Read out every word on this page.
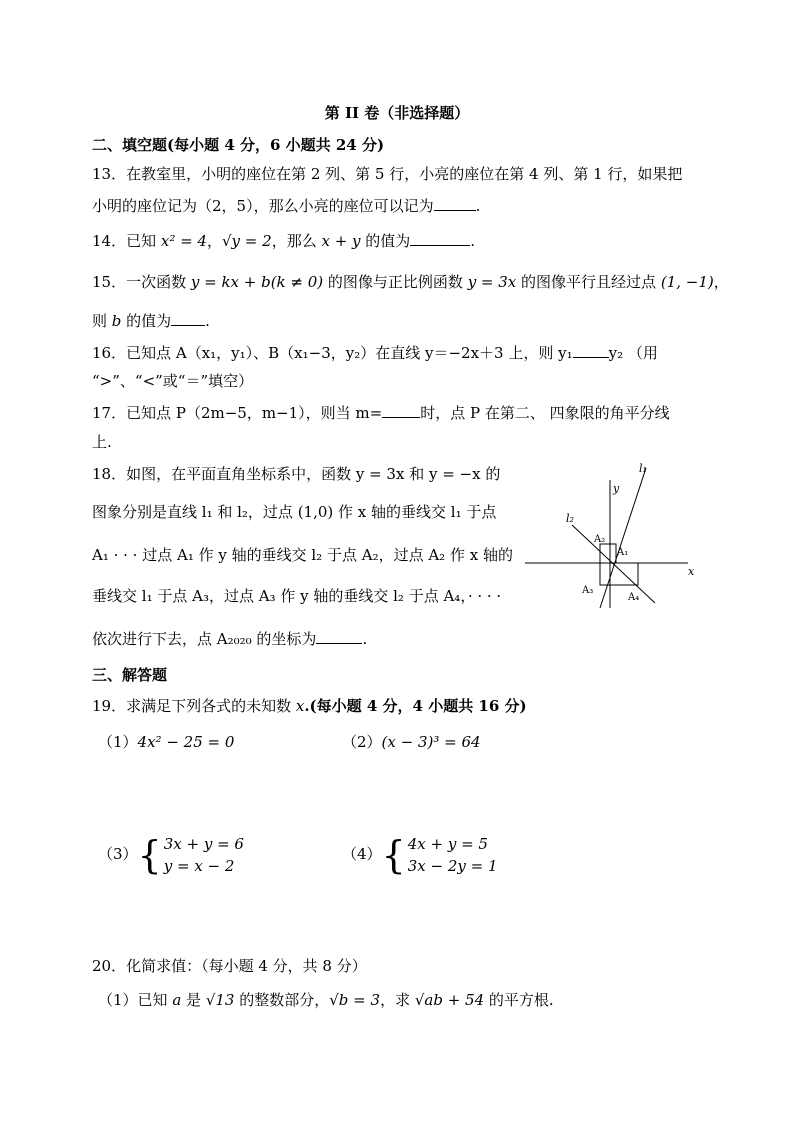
第 II 卷（非选择题）
二、填空题(每小题 4 分，6 小题共 24 分)
13．在教室里，小明的座位在第 2 列、第 5 行，小亮的座位在第 4 列、第 1 行，如果把
小明的座位记为（2，5），那么小亮的座位可以记为	.
14．已知 x² = 4，√y = 2，那么 x + y 的值为	.
15．一次函数 y = kx + b(k ≠ 0) 的图像与正比例函数 y = 3x 的图像平行且经过点 (1, −1)，
则 b 的值为 .
16．已知点 A（x₁，y₁）、B（x₁−3，y₂）在直线 y＝−2x＋3 上，则 y₁ y₂ （用
“>”、“<”或“＝”填空）
17．已知点 P（2m−5，m−1），则当 m=	时，点 P 在第二、 四象限的角平分线
上.
18．如图，在平面直角坐标系中，函数 y = 3x 和 y = −x 的
图象分别是直线 l₁ 和 l₂，过点 (1,0) 作 x 轴的垂线交 l₁ 于点
A₁ · · · 过点 A₁ 作 y 轴的垂线交 l₂ 于点 A₂，过点 A₂ 作 x 轴的
垂线交 l₁ 于点 A₃，过点 A₃ 作 y 轴的垂线交 l₂ 于点 A₄，· · · ·
依次进行下去，点 A₂₀₂₀ 的坐标为	.
x
y
l₁
l₂
A₁
A₂
A₃
A₄
三、解答题
19．求满足下列各式的未知数 x.(每小题 4 分，4 小题共 16 分)
（1）4x² − 25 = 0	（2）(x − 3)³ = 64
（3） { 3x + y = 6
y = x − 2
（4） { 4x + y = 5
3x − 2y = 1
20．化简求值：（每小题 4 分，共 8 分）
（1）已知 a 是 √13 的整数部分，√b = 3，求 √ab + 54 的平方根.
